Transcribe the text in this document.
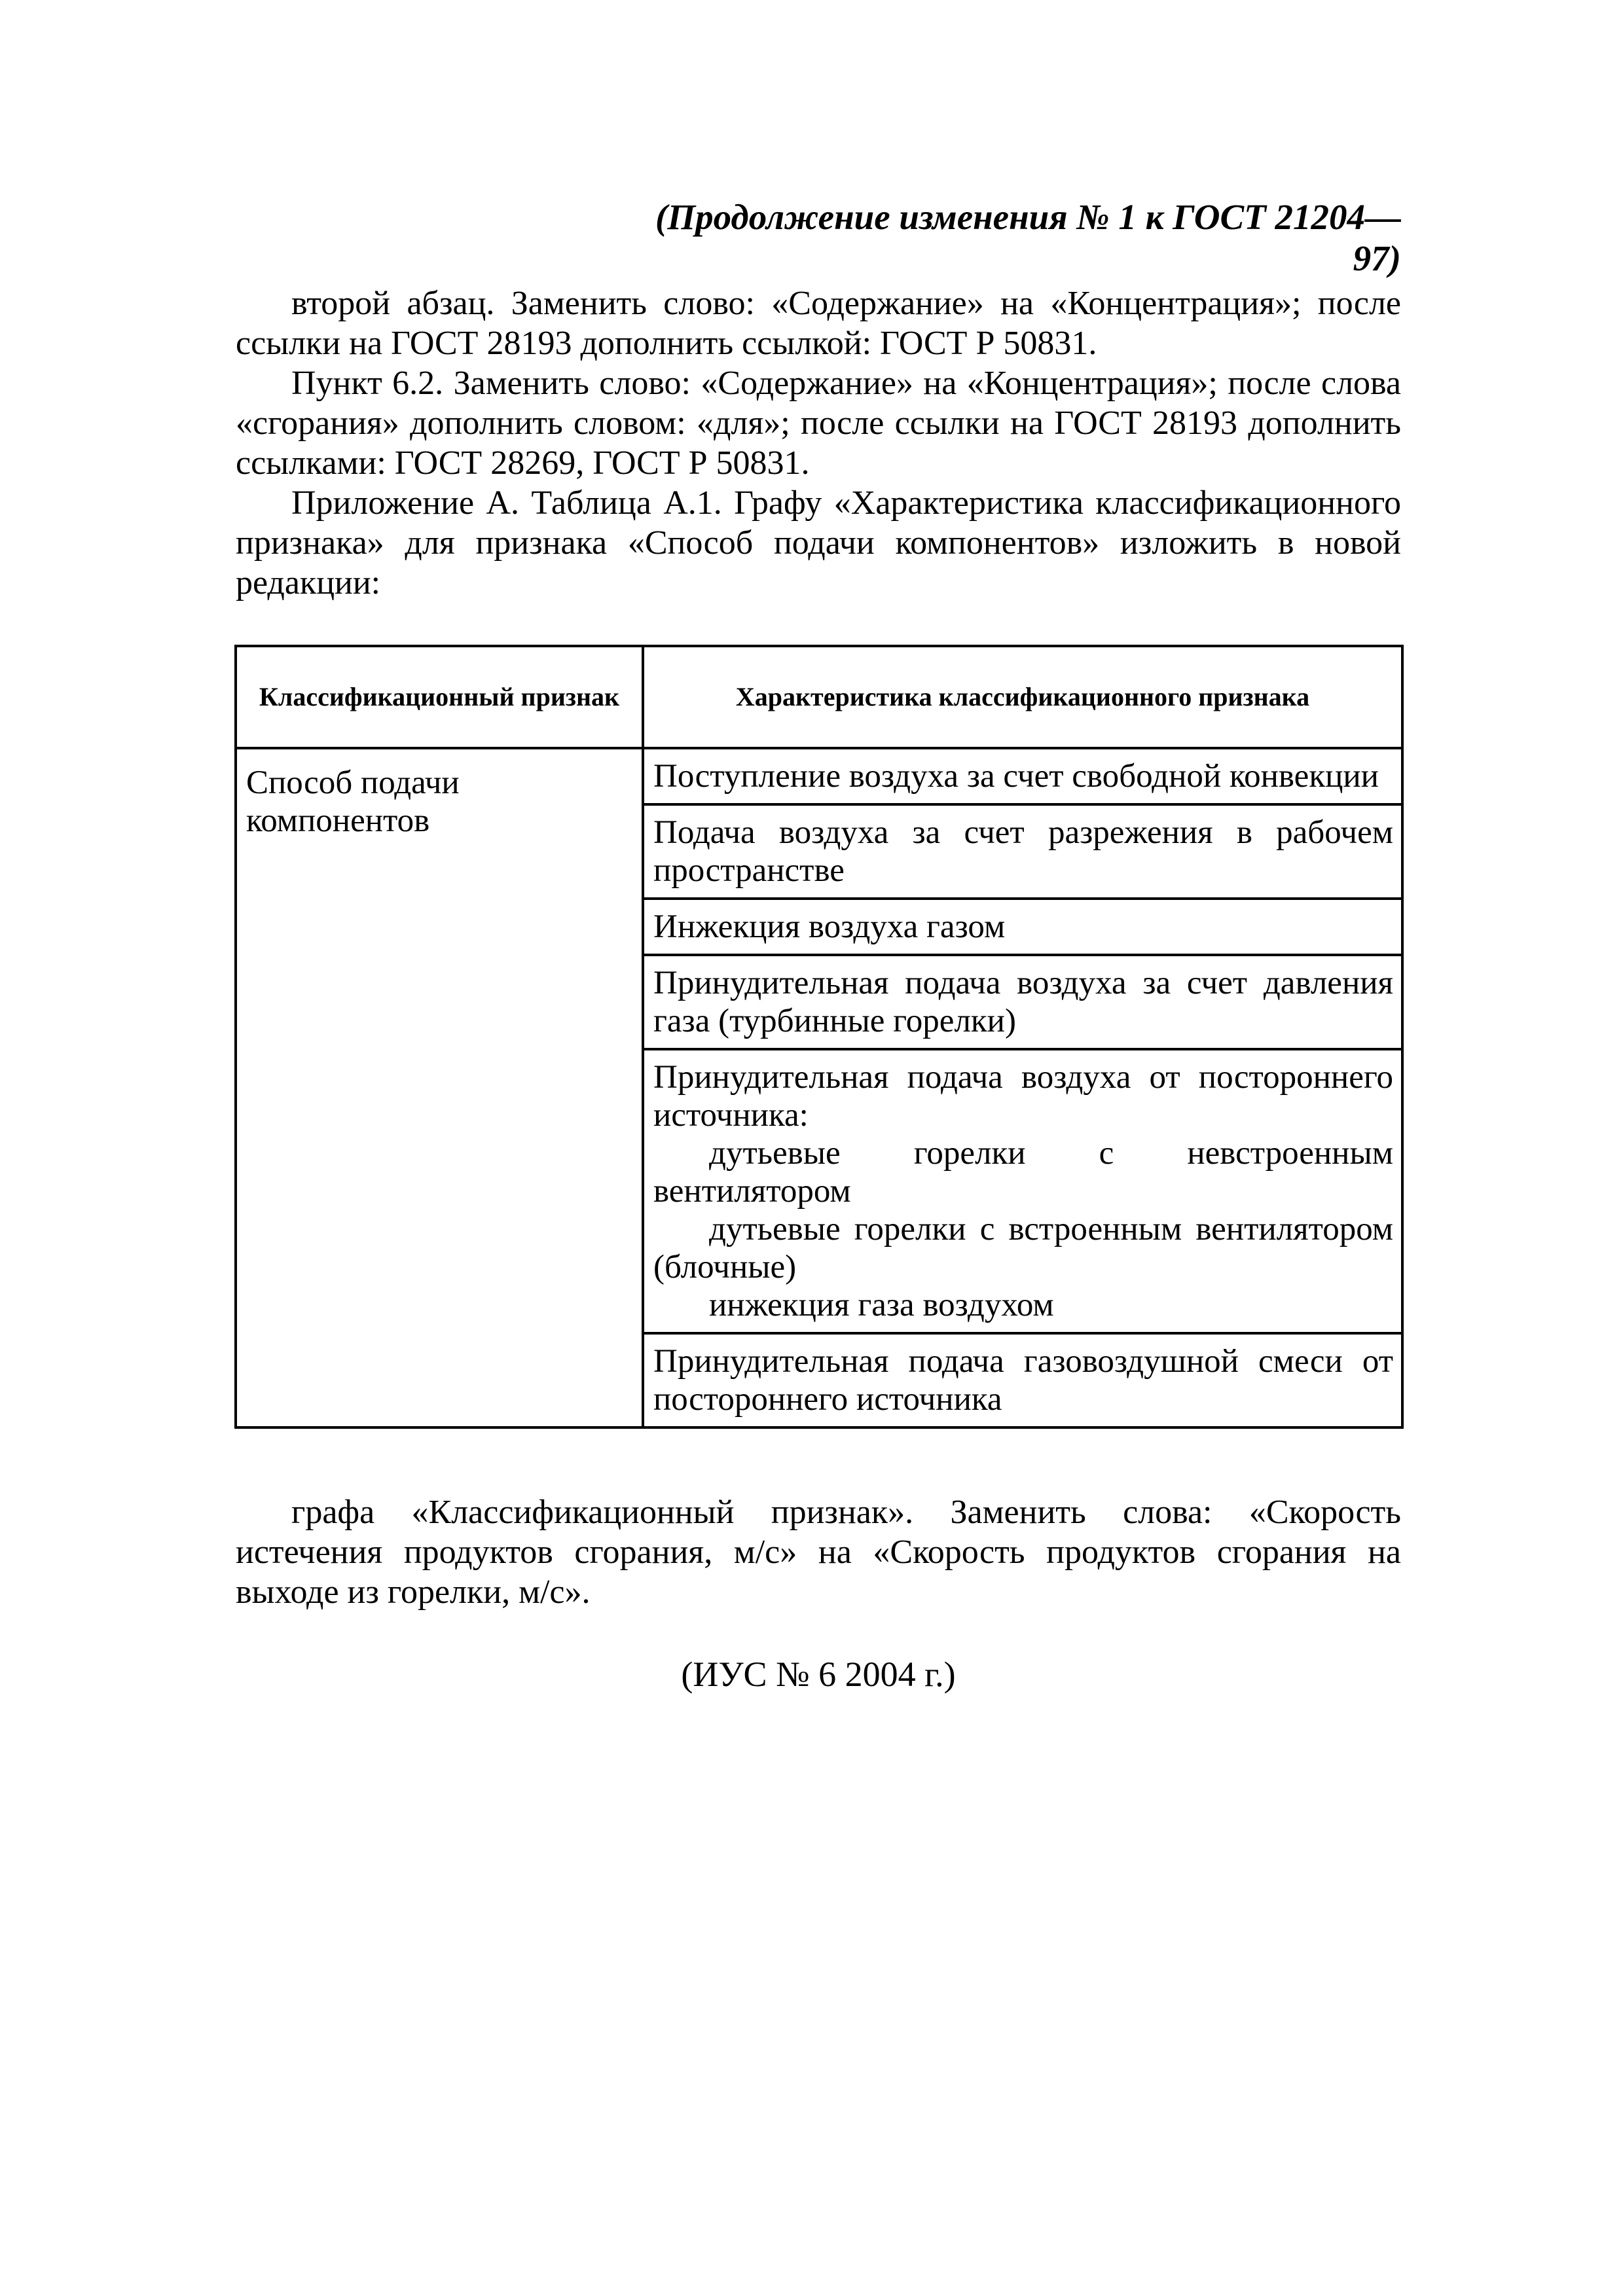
(Продолжение изменения № 1 к ГОСТ 21204—97)

второй абзац. Заменить слово: «Содержание» на «Концентрация»; после ссылки на ГОСТ 28193 дополнить ссылкой: ГОСТ Р 50831.

Пункт 6.2. Заменить слово: «Содержание» на «Концентрация»; после слова «сгорания» дополнить словом: «для»; после ссылки на ГОСТ 28193 дополнить ссылками: ГОСТ 28269, ГОСТ Р 50831.

Приложение А. Таблица А.1. Графу «Характеристика классификационного признака» для признака «Способ подачи компонентов» изложить в новой редакции:

Классификационный признак	Характеристика классификационного признака
Способ подачи компонентов	Поступление воздуха за счет свободной конвекции
	Подача воздуха за счет разрежения в рабочем пространстве
	Инжекция воздуха газом
	Принудительная подача воздуха за счет давления газа (турбинные горелки)
	Принудительная подача воздуха от постороннего источника:
дутьевые горелки с невстроенным вентилятором
дутьевые горелки с встроенным вентилятором (блочные)
инжекция газа воздухом

	Принудительная подача газовоздушной смеси от постороннего источника

графа «Классификационный признак». Заменить слова: «Скорость истечения продуктов сгорания, м/с» на «Скорость продуктов сгорания на выходе из горелки, м/с».

(ИУС № 6 2004 г.)
